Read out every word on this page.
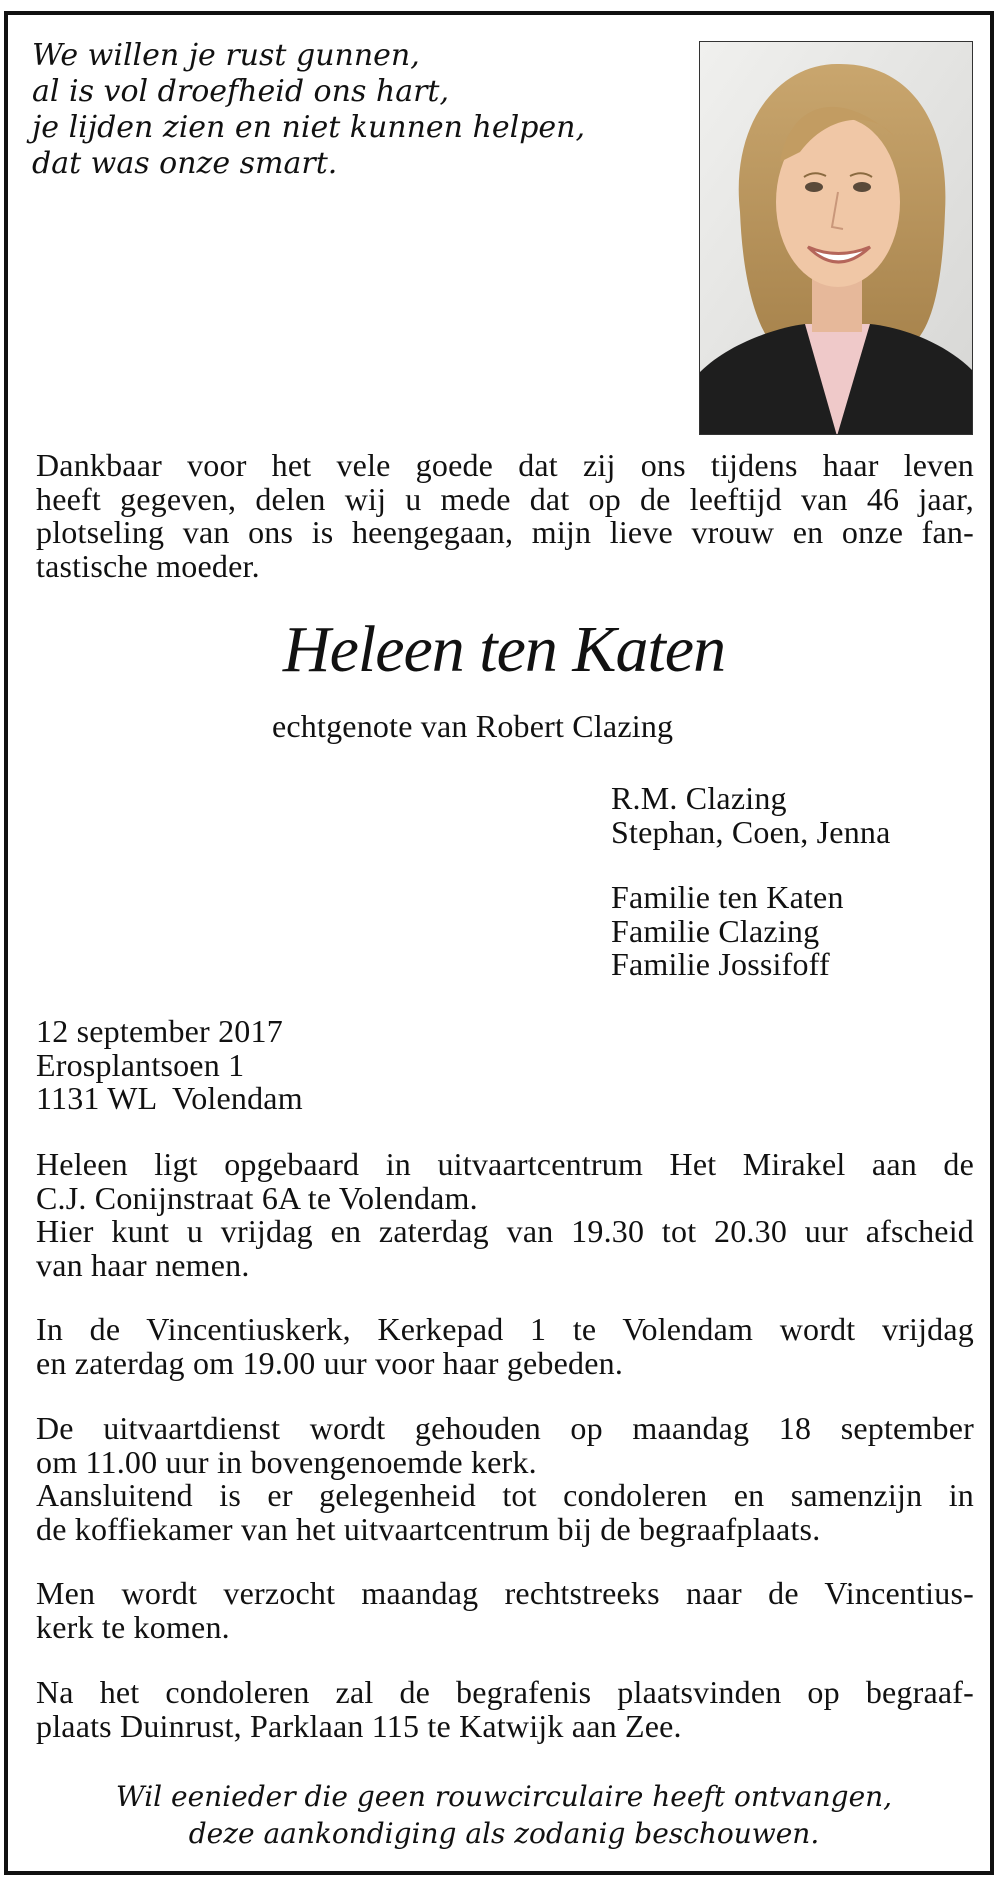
We willen je rust gunnen,
al is vol droefheid ons hart,
je lijden zien en niet kunnen helpen,
dat was onze smart.
Dankbaar voor het vele goede dat zij ons tijdens haar leven
heeft gegeven, delen wij u mede dat op de leeftijd van 46 jaar,
plotseling van ons is heengegaan, mijn lieve vrouw en onze fan-
tastische moeder.
Heleen ten Katen
echtgenote van Robert Clazing
R.M. Clazing
Stephan, Coen, Jenna
Familie ten Katen
Familie Clazing
Familie Jossifoff
12 september 2017
Erosplantsoen 1
1131 WL  Volendam
Heleen ligt opgebaard in uitvaartcentrum Het Mirakel aan de
C.J. Conijnstraat 6A te Volendam.
Hier kunt u vrijdag en zaterdag van 19.30 tot 20.30 uur afscheid
van haar nemen.
In de Vincentiuskerk, Kerkepad 1 te Volendam wordt vrijdag
en zaterdag om 19.00 uur voor haar gebeden.
De uitvaartdienst wordt gehouden op maandag 18 september
om 11.00 uur in bovengenoemde kerk.
Aansluitend is er gelegenheid tot condoleren en samenzijn in
de koffiekamer van het uitvaartcentrum bij de begraafplaats.
Men wordt verzocht maandag rechtstreeks naar de Vincentius-
kerk te komen.
Na het condoleren zal de begrafenis plaatsvinden op begraaf-
plaats Duinrust, Parklaan 115 te Katwijk aan Zee.
Wil eenieder die geen rouwcirculaire heeft ontvangen,
deze aankondiging als zodanig beschouwen.
